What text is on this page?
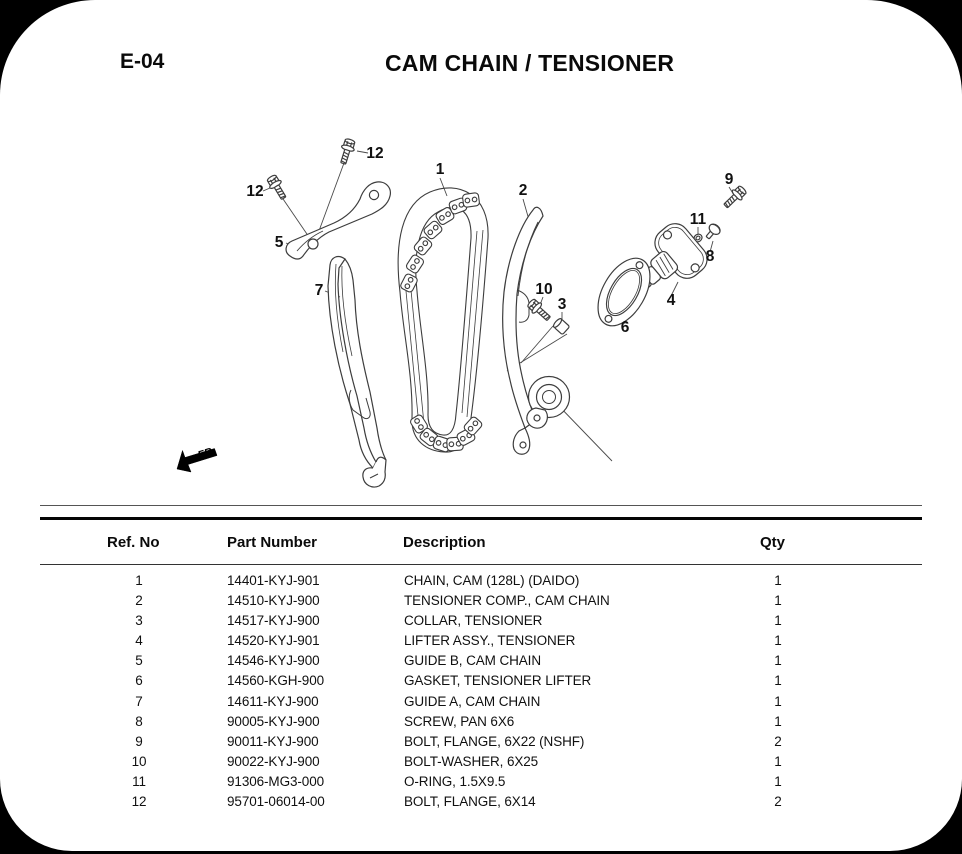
E-04	CAM CHAIN / TENSIONER
FR.
12
12
5
1
2
7	10
3
9
11
8
4
6
Ref. No	Part Number	Description	Qty
1	14401-KYJ-901	CHAIN, CAM (128L) (DAIDO)	1
2	14510-KYJ-900	TENSIONER COMP., CAM CHAIN	1
3	14517-KYJ-900	COLLAR, TENSIONER	1
4	14520-KYJ-901	LIFTER ASSY., TENSIONER	1
5	14546-KYJ-900	GUIDE B, CAM CHAIN	1
6	14560-KGH-900	GASKET, TENSIONER LIFTER	1
7	14611-KYJ-900	GUIDE A, CAM CHAIN	1
8	90005-KYJ-900	SCREW, PAN 6X6	1
9	90011-KYJ-900	BOLT, FLANGE, 6X22 (NSHF)	2
10	90022-KYJ-900	BOLT-WASHER, 6X25	1
11	91306-MG3-000	O-RING, 1.5X9.5	1
12	95701-06014-00	BOLT, FLANGE, 6X14	2
